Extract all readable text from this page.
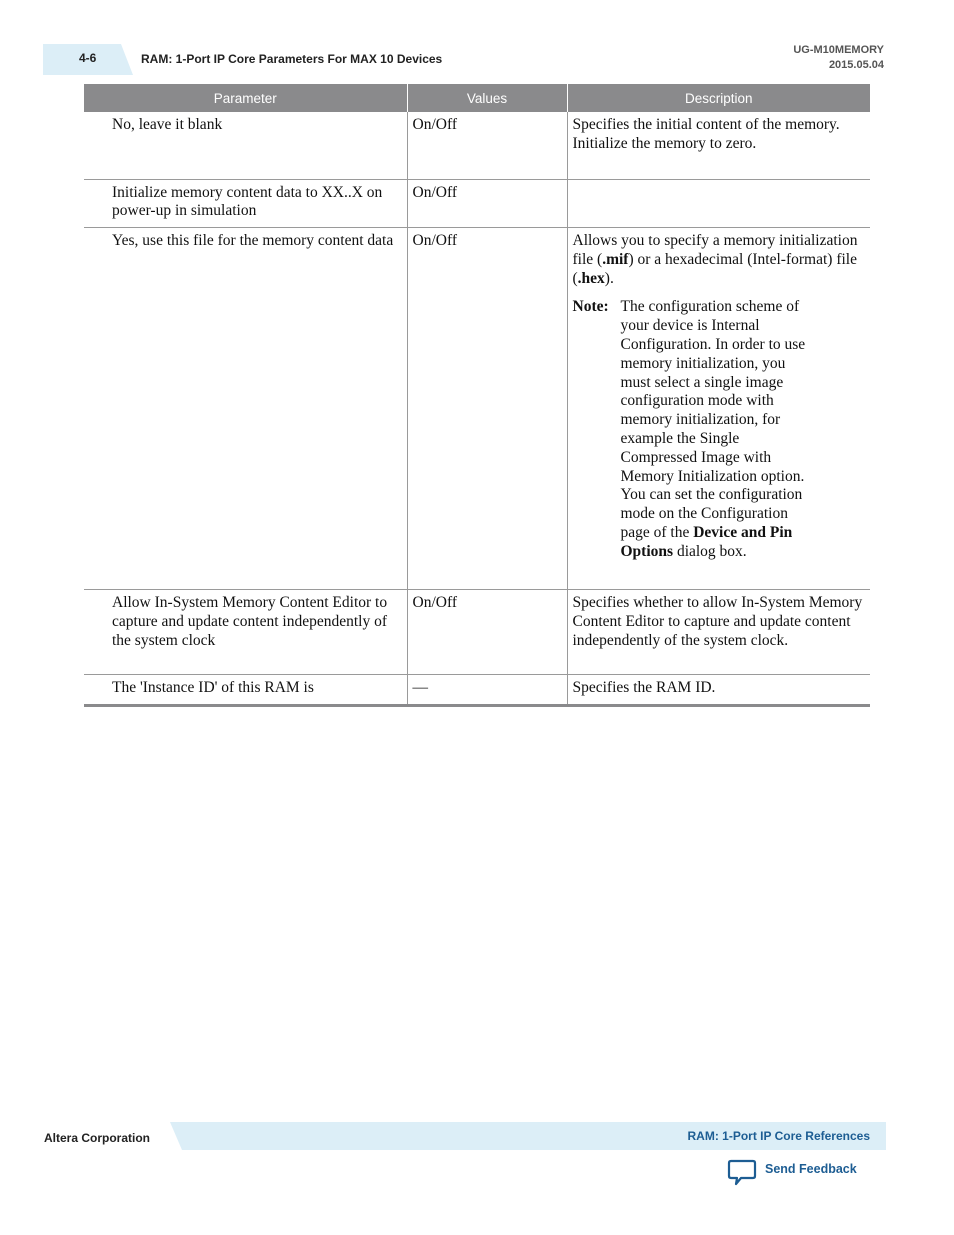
4-6	RAM: 1-Port IP Core Parameters For MAX 10 Devices
UG-M10MEMORY
2015.05.04
Parameter	Values	Description
No, leave it blank	On/Off	Specifies the initial content of the memory. Initialize the memory to zero.
Initialize memory content data to XX..X on power-up in simulation	On/Off	
Yes, use this file for the memory content data	On/Off	Allows you to specify a memory initialization file (.mif) or a hexadecimal (Intel-format) file (.hex).
Note: The configuration scheme of your device is Internal Configuration. In order to use memory initialization, you must select a single image configuration mode with memory initialization, for example the Single Compressed Image with Memory Initialization option. You can set the configuration mode on the Configuration page of the Device and Pin Options dialog box.

Allow In-System Memory Content Editor to capture and update content independently of the system clock	On/Off	Specifies whether to allow In-System Memory Content Editor to capture and update content independently of the system clock.
The 'Instance ID' of this RAM is	—	Specifies the RAM ID.
Altera Corporation	RAM: 1-Port IP Core References
Send Feedback
